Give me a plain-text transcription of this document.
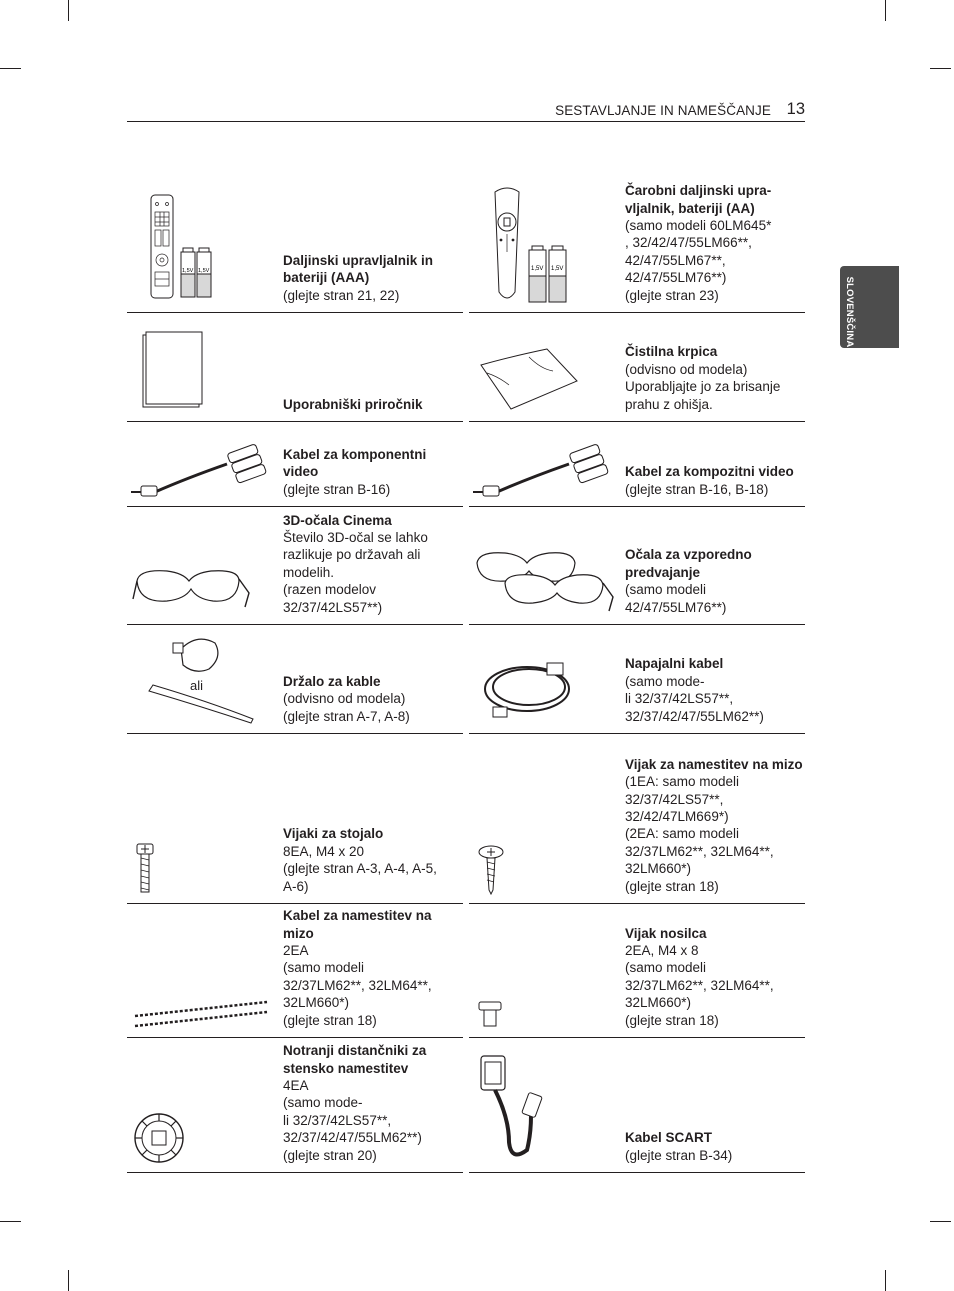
SESTAVLJANJE IN NAMEŠČANJE 13
SLOVENŠČINA
1,5V 1,5V
Daljinski upravljalnik in bateriji (AAA)
(glejte stran 21, 22)
1,5V 1,5V
Čarobni daljinski upra-
vljalnik, bateriji (AA)
(samo modeli 60LM645*
, 32/42/47/55LM66**,
42/47/55LM67**,
42/47/55LM76**)
(glejte stran 23)
Uporabniški priročnik
Čistilna krpica
(odvisno od modela)
Uporabljajte jo za brisanje
prahu z ohišja.
Kabel za komponentni video
(glejte stran B-16)
Kabel za kompozitni video
(glejte stran B-16, B-18)
3D-očala Cinema
Število 3D-očal se lahko
razlikuje po državah ali
modelih.
(razen modelov
32/37/42LS57**)
Očala za vzporedno predvajanje
(samo modeli
42/47/55LM76**)
ali	Držalo za kable
(odvisno od modela)
(glejte stran A-7, A-8)
Napajalni kabel
(samo mode-
li 32/37/42LS57**,
32/37/42/47/55LM62**)
Vijaki za stojalo
8EA, M4 x 20
(glejte stran A-3, A-4, A-5,
A-6)
Vijak za namestitev na mizo
(1EA: samo modeli
32/37/42LS57**,
32/42/47LM669*)
(2EA: samo modeli
32/37LM62**, 32LM64**,
32LM660*)
(glejte stran 18)
Kabel za namestitev na mizo
2EA
(samo modeli
32/37LM62**, 32LM64**,
32LM660*)
(glejte stran 18)
Vijak nosilca
2EA, M4 x 8
(samo modeli
32/37LM62**, 32LM64**,
32LM660*)
(glejte stran 18)
Notranji distančniki za stensko namestitev
4EA
(samo mode-
li 32/37/42LS57**,
32/37/42/47/55LM62**)
(glejte stran 20)
Kabel SCART
(glejte stran B-34)
